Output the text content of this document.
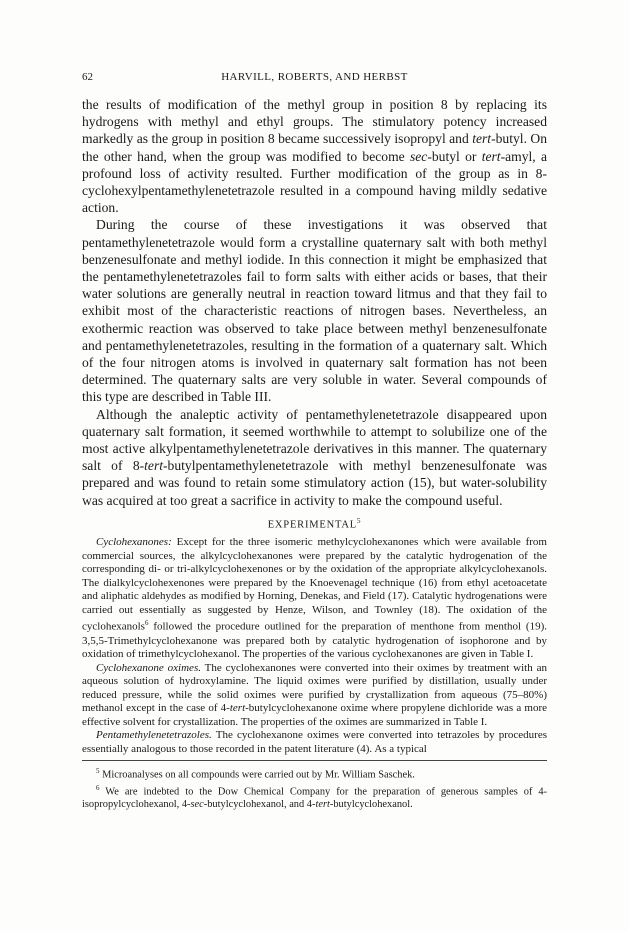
62	HARVILL, ROBERTS, AND HERBST

the results of modification of the methyl group in position 8 by replacing its hydrogens with methyl and ethyl groups. The stimulatory potency increased markedly as the group in position 8 became successively isopropyl and tert-butyl. On the other hand, when the group was modified to become sec-butyl or tert-amyl, a profound loss of activity resulted. Further modification of the group as in 8-cyclohexylpentamethylenetetrazole resulted in a compound having mildly sedative action.

During the course of these investigations it was observed that pentamethylenetetrazole would form a crystalline quaternary salt with both methyl benzenesulfonate and methyl iodide. In this connection it might be emphasized that the pentamethylenetetrazoles fail to form salts with either acids or bases, that their water solutions are generally neutral in reaction toward litmus and that they fail to exhibit most of the characteristic reactions of nitrogen bases. Nevertheless, an exothermic reaction was observed to take place between methyl benzenesulfonate and pentamethylenetetrazoles, resulting in the formation of a quaternary salt. Which of the four nitrogen atoms is involved in quaternary salt formation has not been determined. The quaternary salts are very soluble in water. Several compounds of this type are described in Table III.

Although the analeptic activity of pentamethylenetetrazole disappeared upon quaternary salt formation, it seemed worthwhile to attempt to solubilize one of the most active alkylpentamethylenetetrazole derivatives in this manner. The quaternary salt of 8-tert-butylpentamethylenetetrazole with methyl benzenesulfonate was prepared and was found to retain some stimulatory action (15), but water-solubility was acquired at too great a sacrifice in activity to make the compound useful.

EXPERIMENTAL$^5$

Cyclohexanones: Except for the three isomeric methylcyclohexanones which were available from commercial sources, the alkylcyclohexanones were prepared by the catalytic hydrogenation of the corresponding di- or tri-alkylcyclohexenones or by the oxidation of the appropriate alkylcyclohexanols. The dialkylcyclohexenones were prepared by the Knoevenagel technique (16) from ethyl acetoacetate and aliphatic aldehydes as modified by Horning, Denekas, and Field (17). Catalytic hydrogenations were carried out essentially as suggested by Henze, Wilson, and Townley (18). The oxidation of the cyclohexanols$^6$ followed the procedure outlined for the preparation of menthone from menthol (19). 3,5,5-Trimethylcyclohexanone was prepared both by catalytic hydrogenation of isophorone and by oxidation of trimethylcyclohexanol. The properties of the various cyclohexanones are given in Table I.

Cyclohexanone oximes. The cyclohexanones were converted into their oximes by treatment with an aqueous solution of hydroxylamine. The liquid oximes were purified by distillation, usually under reduced pressure, while the solid oximes were purified by crystallization from aqueous (75–80%) methanol except in the case of 4-tert-butylcyclohexanone oxime where propylene dichloride was a more effective solvent for crystallization. The properties of the oximes are summarized in Table I.

Pentamethylenetetrazoles. The cyclohexanone oximes were converted into tetrazoles by procedures essentially analogous to those recorded in the patent literature (4). As a typical

$^5$ Microanalyses on all compounds were carried out by Mr. William Saschek.

$^6$ We are indebted to the Dow Chemical Company for the preparation of generous samples of 4-isopropylcyclohexanol, 4-sec-butylcyclohexanol, and 4-tert-butylcyclohexanol.
